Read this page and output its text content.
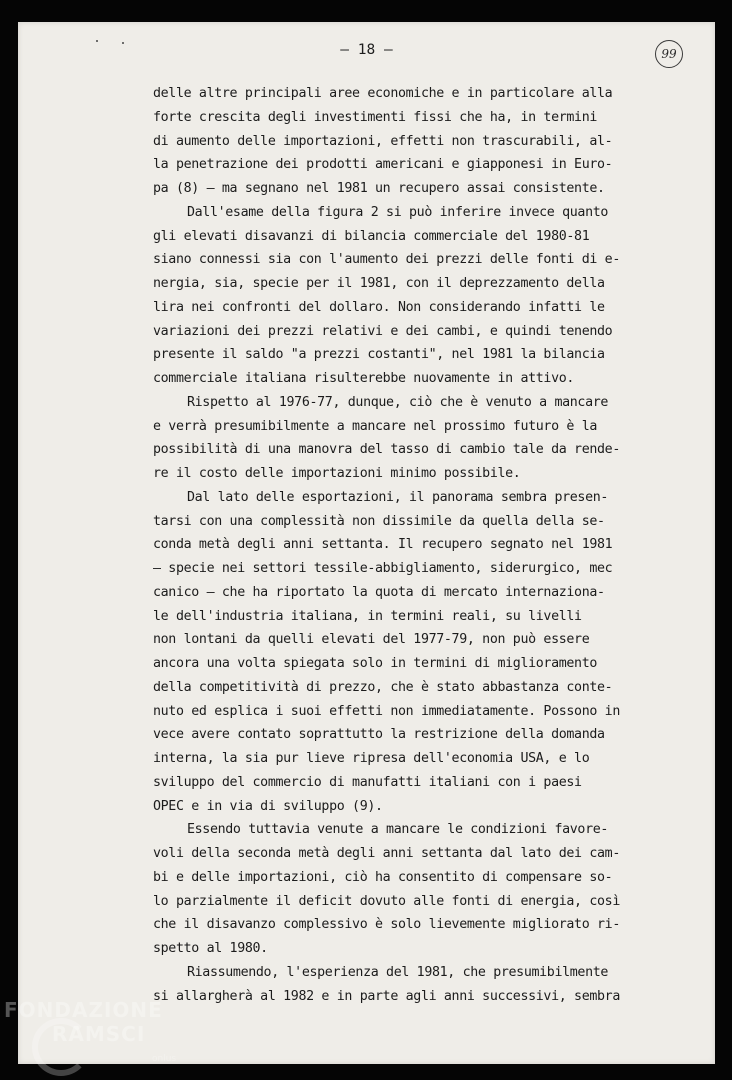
– 18 –	99
delle altre principali aree economiche e in particolare alla
forte crescita degli investimenti fissi che ha, in termini
di aumento delle importazioni, effetti non trascurabili, al-
la penetrazione dei prodotti americani e giapponesi in Euro-
pa (8) – ma segnano nel 1981 un recupero assai consistente.
Dall'esame della figura 2 si può inferire invece quanto
gli elevati disavanzi di bilancia commerciale del 1980-81
siano connessi sia con l'aumento dei prezzi delle fonti di e-
nergia, sia, specie per il 1981, con il deprezzamento della
lira nei confronti del dollaro. Non considerando infatti le
variazioni dei prezzi relativi e dei cambi, e quindi tenendo
presente il saldo "a prezzi costanti", nel 1981 la bilancia
commerciale italiana risulterebbe nuovamente in attivo.
Rispetto al 1976-77, dunque, ciò che è venuto a mancare
e verrà presumibilmente a mancare nel prossimo futuro è la
possibilità di una manovra del tasso di cambio tale da rende-
re il costo delle importazioni minimo possibile.
Dal lato delle esportazioni, il panorama sembra presen-
tarsi con una complessità non dissimile da quella della se-
conda metà degli anni settanta. Il recupero segnato nel 1981
– specie nei settori tessile-abbigliamento, siderurgico, mec
canico – che ha riportato la quota di mercato internaziona-
le dell'industria italiana, in termini reali, su livelli
non lontani da quelli elevati del 1977-79, non può essere
ancora una volta spiegata solo in termini di miglioramento
della competitività di prezzo, che è stato abbastanza conte-
nuto ed esplica i suoi effetti non immediatamente. Possono in
vece avere contato soprattutto la restrizione della domanda
interna, la sia pur lieve ripresa dell'economia USA, e lo
sviluppo del commercio di manufatti italiani con i paesi
OPEC e in via di sviluppo (9).
Essendo tuttavia venute a mancare le condizioni favore-
voli della seconda metà degli anni settanta dal lato dei cam-
bi e delle importazioni, ciò ha consentito di compensare so-
lo parzialmente il deficit dovuto alle fonti di energia, così
che il disavanzo complessivo è solo lievemente migliorato ri-
spetto al 1980.
Riassumendo, l'esperienza del 1981, che presumibilmente
si allargherà al 1982 e in parte agli anni successivi, sembra
FONDAZIONE
RAMSCI
onlus
